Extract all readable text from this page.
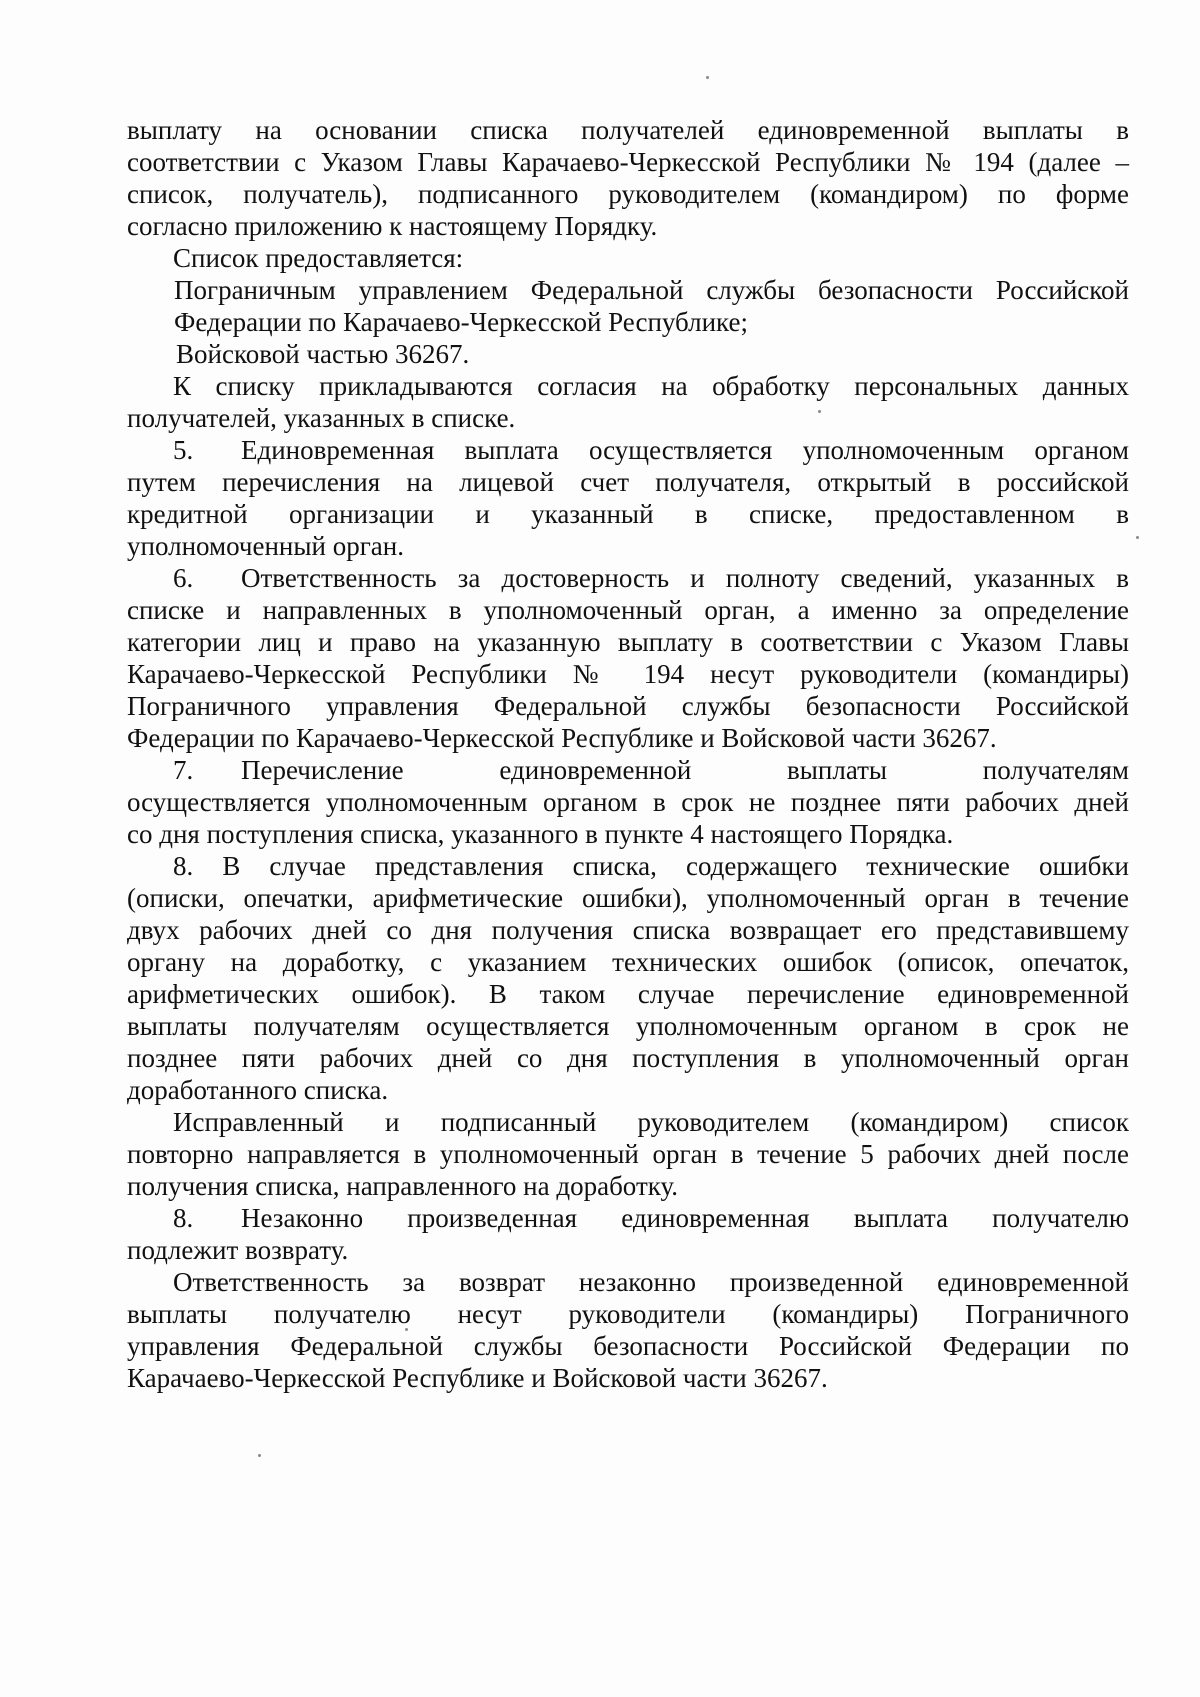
выплату на основании списка получателей единовременной выплаты в
соответствии с Указом Главы Карачаево-Черкесской Республики № 194 (далее –
список, получатель), подписанного руководителем (командиром) по форме
согласно приложению к настоящему Порядку.
Список предоставляется:
Пограничным управлением Федеральной службы безопасности Российской
Федерации по Карачаево-Черкесской Республике;
Войсковой частью 36267.
К списку прикладываются согласия на обработку персональных данных
получателей, указанных в списке.
5.	Единовременная выплата осуществляется уполномоченным органом
путем перечисления на лицевой счет получателя, открытый в российской
кредитной организации и указанный в списке, предоставленном в
уполномоченный орган.
6.	Ответственность за достоверность и полноту сведений, указанных в
списке и направленных в уполномоченный орган, а именно за определение
категории лиц и право на указанную выплату в соответствии с Указом Главы
Карачаево-Черкесской Республики № 194 несут руководители (командиры)
Пограничного управления Федеральной службы безопасности Российской
Федерации по Карачаево-Черкесской Республике и Войсковой части 36267.
7.	Перечисление единовременной выплаты получателям
осуществляется уполномоченным органом в срок не позднее пяти рабочих дней
со дня поступления списка, указанного в пункте 4 настоящего Порядка.
8. В случае представления списка, содержащего технические ошибки
(описки, опечатки, арифметические ошибки), уполномоченный орган в течение
двух рабочих дней со дня получения списка возвращает его представившему
органу на доработку, с указанием технических ошибок (описок, опечаток,
арифметических ошибок). В таком случае перечисление единовременной
выплаты получателям осуществляется уполномоченным органом в срок не
позднее пяти рабочих дней со дня поступления в уполномоченный орган
доработанного списка.
Исправленный и подписанный руководителем (командиром) список
повторно направляется в уполномоченный орган в течение 5 рабочих дней после
получения списка, направленного на доработку.
8.	Незаконно произведенная единовременная выплата получателю
подлежит возврату.
Ответственность за возврат незаконно произведенной единовременной
выплаты получателю несут руководители (командиры) Пограничного
управления Федеральной службы безопасности Российской Федерации по
Карачаево-Черкесской Республике и Войсковой части 36267.
